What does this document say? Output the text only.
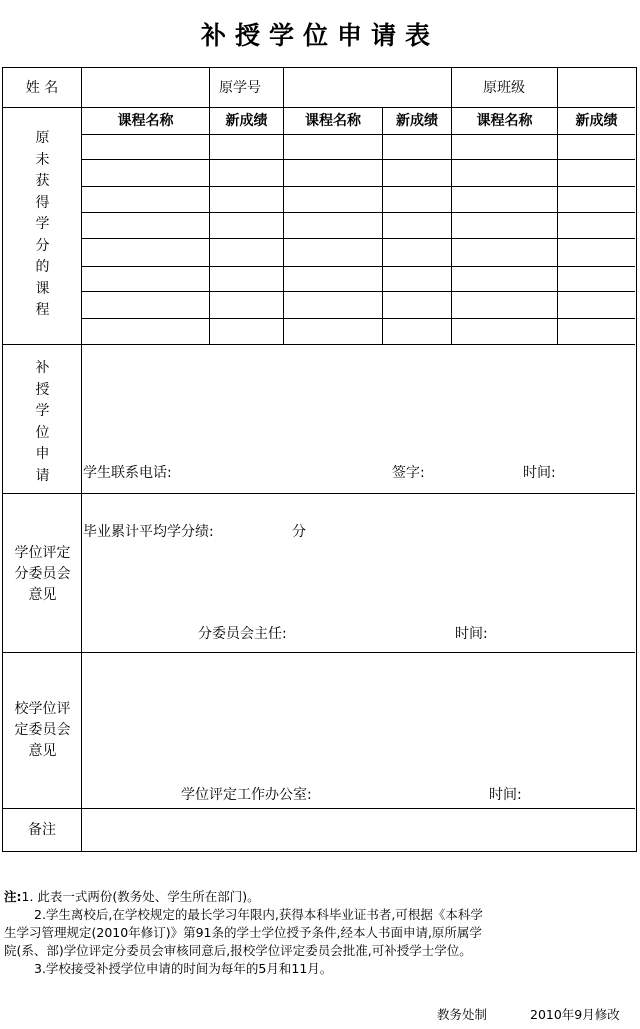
补授学位申请表
姓 名	原学号	原班级
原
未
获
得
学
分
的
课
程
课程名称	新成绩	课程名称	新成绩	课程名称	新成绩
补
授
学
位
申
请	学生联系电话:	签字:	时间:
学位评定
分委员会
意见
毕业累计平均学分绩:	分
分委员会主任:	时间:
校学位评
定委员会
意见
学位评定工作办公室:	时间:
备注

注:1. 此表一式两份(教务处、学生所在部门)。

2.学生离校后,在学校规定的最长学习年限内,获得本科毕业证书者,可根据《本科学

生学习管理规定(2010年修订)》第91条的学士学位授予条件,经本人书面申请,原所属学

院(系、部)学位评定分委员会审核同意后,报校学位评定委员会批准,可补授学士学位。

3.学校接受补授学位申请的时间为每年的5月和11月。

教务处制	2010年9月修改
